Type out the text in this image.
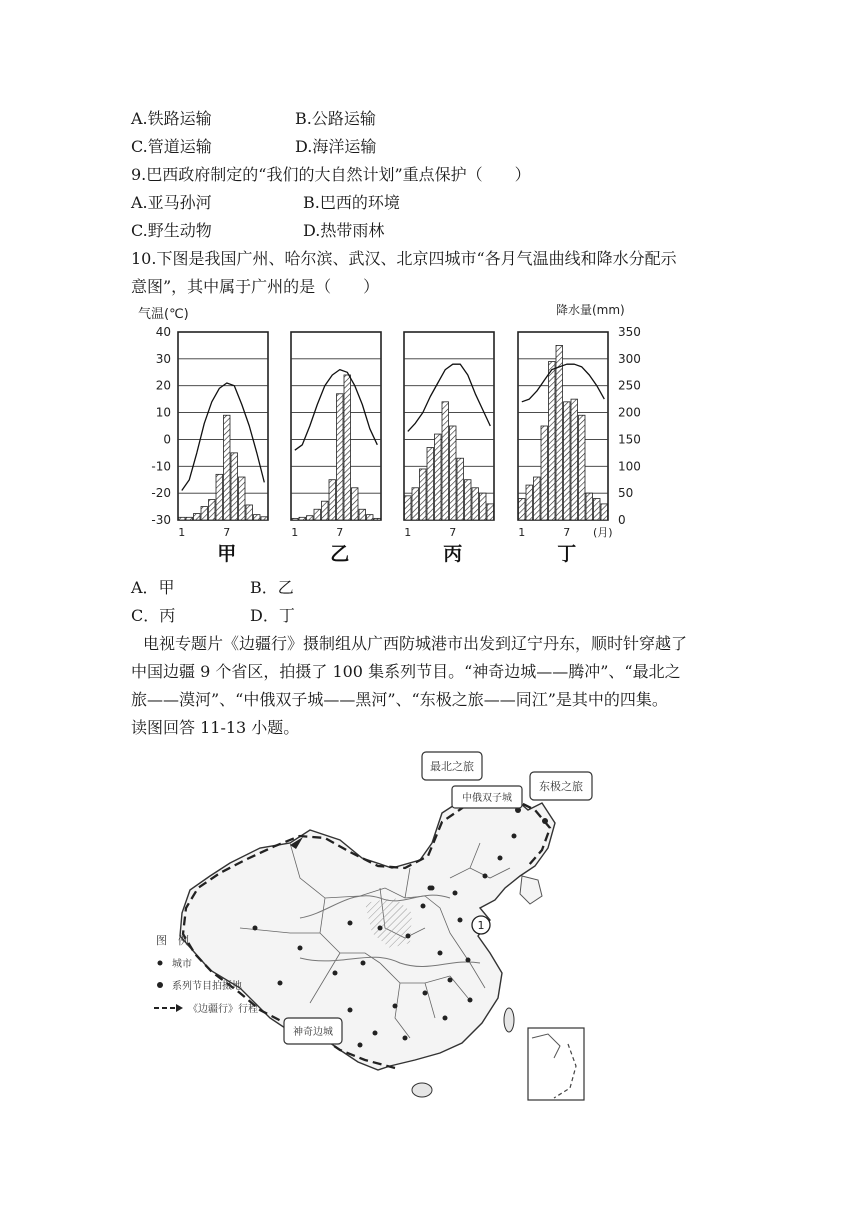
A.铁路运输	B.公路运输
C.管道运输	D.海洋运输
9.巴西政府制定的“我们的大自然计划”重点保护（　　）
A.亚马孙河	B.巴西的环境
C.野生动物	D.热带雨林
10.下图是我国广州、哈尔滨、武汉、北京四城市“各月气温曲线和降水分配示
意图”，其中属于广州的是（　　）
气温(℃)	降水量(mm)
40
30
20
10
0
-10
-20
-30
350
300
250
200
150
100
50
0
1	7
甲
1	7
乙
1	7
丙
1	7
丁
(月)
A．甲	B．乙
C．丙	D．丁
电视专题片《边疆行》摄制组从广西防城港市出发到辽宁丹东，顺时针穿越了
中国边疆 9 个省区，拍摄了 100 集系列节目。“神奇边城——腾冲”、“最北之
旅——漠河”、“中俄双子城——黑河”、“东极之旅——同江”是其中的四集。
读图回答 11-13 小题。
1
最北之旅
中俄双子城
东极之旅
神奇边城
图　例
城市
系列节目拍摄地
《边疆行》行程
